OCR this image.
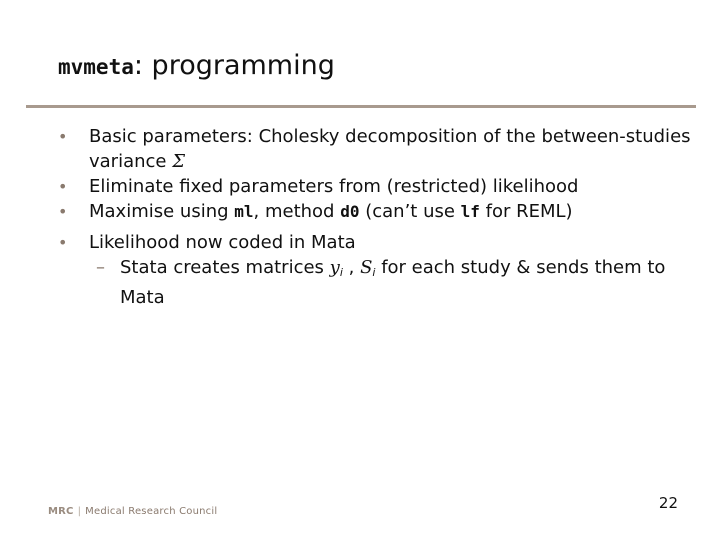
mvmeta: programming
• Basic parameters: Cholesky decomposition of the between-studies variance Σ
• Eliminate fixed parameters from (restricted) likelihood
• Maximise using ml, method d0 (can’t use lf for REML)
• Likelihood now coded in Mata
– Stata creates matrices yi , Si for each study & sends them to Mata
MRC | Medical Research Council	22
